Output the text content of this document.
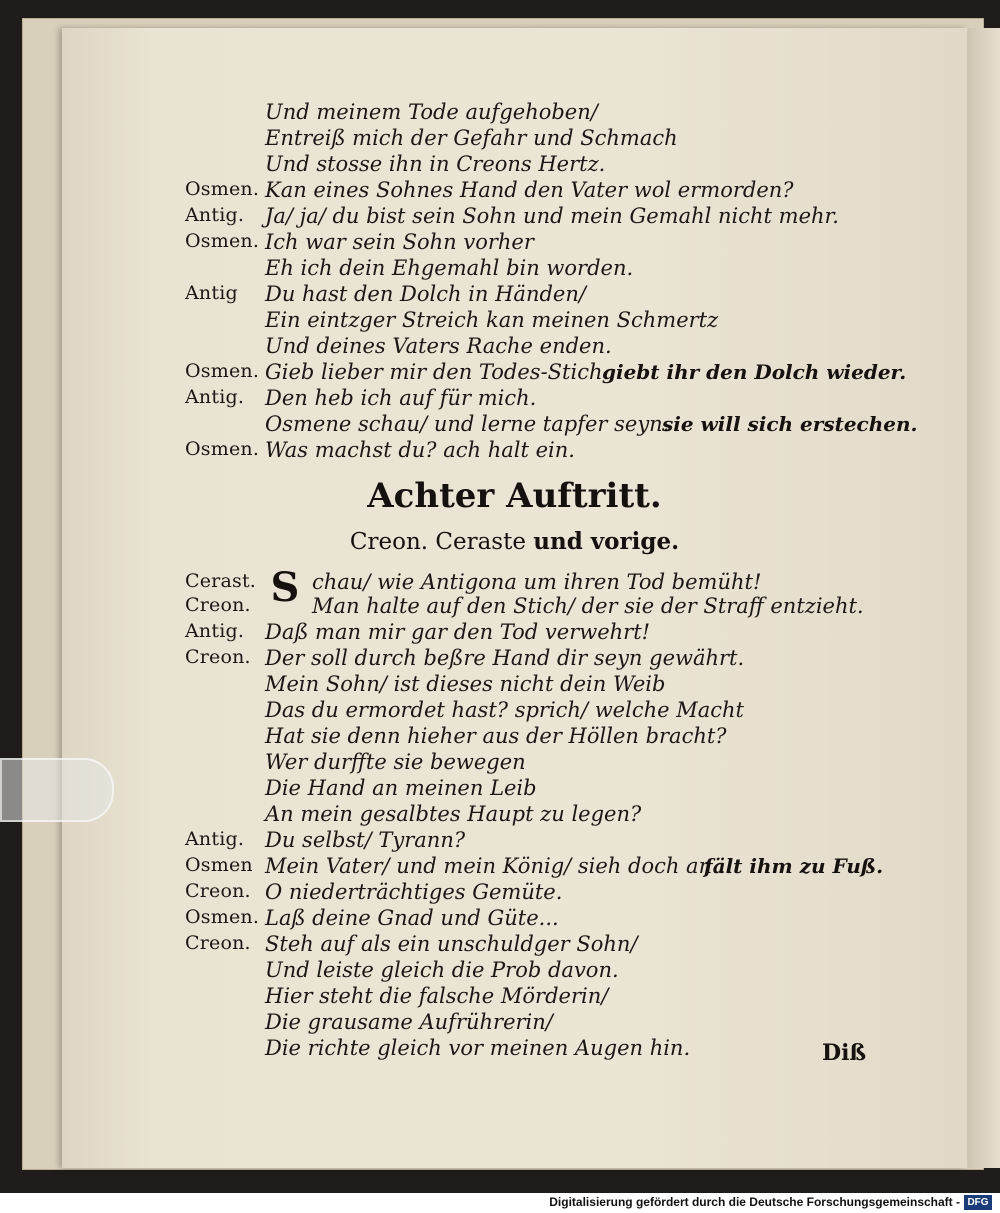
Und meinem Tode aufgehoben/
Entreiß mich der Gefahr und Schmach
Und stosse ihn in Creons Hertz.
Osmen. Kan eines Sohnes Hand den Vater wol ermorden?
Antig. Ja/ ja/ du bist sein Sohn und mein Gemahl nicht mehr.
Osmen. Ich war sein Sohn vorher
Eh ich dein Ehgemahl bin worden.
Antig Du hast den Dolch in Händen/
Ein eintzger Streich kan meinen Schmertz
Und deines Vaters Rache enden.
Osmen. Gieb lieber mir den Todes-Stich.
giebt ihr den Dolch wieder.
Antig. Den heb ich auf für mich.
Osmene schau/ und lerne tapfer seyn.
sie will sich erstechen.
Osmen. Was machst du? ach halt ein.
Achter Auftritt.
Creon. Ceraste und vorige.
Cerast.	chau/ wie Antigona um ihren Tod bemüht!
Creon.	Man halte auf den Stich/ der sie der Straff entzieht.
Antig. Daß man mir gar den Tod verwehrt!
Creon. Der soll durch beßre Hand dir seyn gewährt.
Mein Sohn/ ist dieses nicht dein Weib
Das du ermordet hast? sprich/ welche Macht
Hat sie denn hieher aus der Höllen bracht?
Wer durffte sie bewegen
Die Hand an meinen Leib
An mein gesalbtes Haupt zu legen?
Antig. Du selbst/ Tyrann?
Osmen Mein Vater/ und mein König/ sieh doch an...
fält ihm zu Fuß.
Creon. O niederträchtiges Gemüte.
Osmen. Laß deine Gnad und Güte...
Creon. Steh auf als ein unschuldger Sohn/
Und leiste gleich die Prob davon.
Hier steht die falsche Mörderin/
Die grausame Aufrührerin/
Die richte gleich vor meinen Augen hin.
S
Diß
Digitalisierung gefördert durch die Deutsche Forschungsgemeinschaft - DFG
